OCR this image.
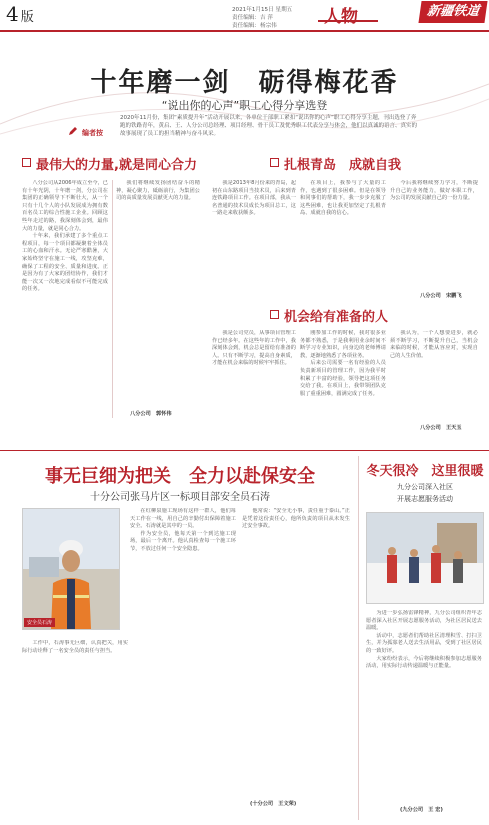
4 版	2021年1月15日 星期五
责任编辑：吉 萍
责任编辑：杨宗伟	人物	新疆铁道
十年磨一剑　砺得梅花香
“说出你的心声”职工心得分享选登
编者按
2020年11月份，集团“素质提升年”活动开展以来，各单位干部职工紧扣“说出你的心声”职工心得分享主题，刊出选登了奔跑的铁路青年，黄启、王、人分公司总经理、项目经理、骨干员工及优秀职工代表分享与体会，他们以真诚的语言、真实的故事展现了员工的担当精神与奋斗风采。
最伟大的力量,就是同心合力

八分公司从2006年成立至今，已有十年光阴，十年磨一剑，分公司在集团的正确领导下不断壮大，从一个只有十几个人的小队发展成为拥有数百名员工的综合性施工企业。回顾这些年走过的路，我深刻体会到，最伟大的力量，就是同心合力。

十年来，我们承建了多个重点工程项目，每一个项目都凝聚着全体员工的心血和汗水。无论严寒酷暑，大家始终坚守在施工一线，攻坚克难，确保了工程的安全、质量和进度。正是因为有了大家的团结协作，我们才能一次又一次地完成看似不可能完成的任务。

我们将继续发扬团结奋斗的精神，凝心聚力，砥砺前行，为集团公司的高质量发展贡献更大的力量。

八分公司　郭怀伟
扎根青岛　成就自我

我是2013年8月份来的青岛，起初在山东路项目当技术员，后来到青连铁路项目工作。在项目部，我从一名普通的技术员成长为项目总工，这一路走来收获颇多。

在项目上，我参与了大量的工作，也遇到了很多困难。但是在领导和同事们的帮助下，我一步步克服了这些困难，也让我更加坚定了扎根青岛、成就自我的信心。

今后我将继续努力学习，不断提升自己的业务能力，做好本职工作，为公司的发展贡献自己的一份力量。

八分公司　宋鹏飞
机会给有准备的人

我是公司党员，从事项目管理工作已经多年。在这些年的工作中，我深刻体会到，机会总是留给有准备的人。只有不断学习，提高自身素质，才能在机会来临的时候牢牢抓住。

刚参加工作的时候，我对很多业务都不熟悉，于是我利用业余时间不断学习专业知识，向身边的老师傅请教，逐渐地熟悉了各项业务。

后来公司需要一名有经验的人员负责新项目的管理工作，因为我平时积累了丰富的经验，领导把这项任务交给了我。在项目上，我带领团队克服了重重困难，圆满完成了任务。

我认为，一个人想要进步，就必须不断学习，不断提升自己，当机会来临的时候，才能从容应对，实现自己的人生价值。

八分公司　王天玉
事无巨细为把关　全力以赴保安全
十分公司张马片区一标项目部安全员石涛
安全员石涛

在红柳泉施工现场有这样一群人，他们每天工作在一线，用自己的辛勤付出保障着施工安全。石涛就是其中的一员。

作为安全员，他每天第一个到达施工现场，最后一个离开。他认真检查每一个施工环节，不放过任何一个安全隐患。

他常说：“安全无小事，责任重于泰山。”正是凭着这份责任心，他所负责的项目从未发生过安全事故。

工作中，石涛事无巨细，认真把关，用实际行动诠释了一名安全员的责任与担当。

(十分公司　王文荣)
冬天很冷　这里很暖
九分公司深入社区
开展志愿服务活动

为进一步弘扬雷锋精神，九分公司组织青年志愿者深入社区开展志愿服务活动，为社区居民送去温暖。

活动中，志愿者们帮助社区清理积雪、打扫卫生，并为孤寡老人送去生活用品，受到了社区居民的一致好评。

大家纷纷表示，今后将继续积极参加志愿服务活动，用实际行动传递温暖与正能量。

(九分公司　王 宏)
